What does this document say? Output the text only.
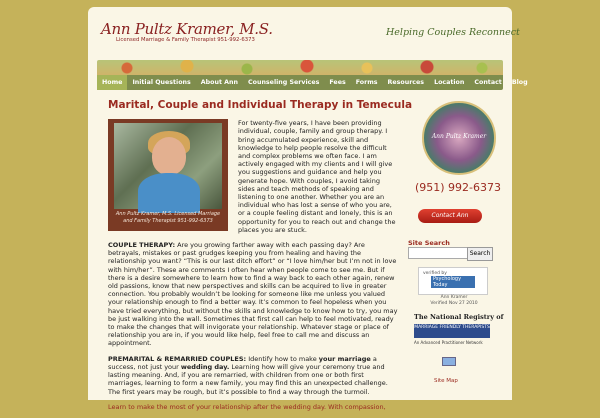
Ann Pultz Kramer, M.S.
Licensed Marriage & Family Therapist 951-992-6373
Helping Couples Reconnect
Home	Initial Questions	About Ann	Counseling Services	Fees	Forms	Resources	Location	Contact	Blog
Marital, Couple and Individual Therapy in Temecula
Ann Pultz Kramer, M.S. Licensed Marriage and Family Therapist 951-992-6373

For twenty-five years, I have been providing individual, couple, family and group therapy. I bring accumulated experience, skill and knowledge to help people resolve the difficult and complex problems we often face. I am actively engaged with my clients and I will give you suggestions and guidance and help you generate hope. With couples, I avoid taking sides and teach methods of speaking and listening to one another. Whether you are an individual who has lost a sense of who you are, or a couple feeling distant and lonely, this is an opportunity for you to reach out and change the places you are stuck.

COUPLE THERAPY: Are you growing farther away with each passing day? Are betrayals, mistakes or past grudges keeping you from healing and having the relationship you want? “This is our last ditch effort” or “I love him/her but I’m not in love with him/her”. These are comments I often hear when people come to see me. But if there is a desire somewhere to learn how to find a way back to each other again, renew old passions, know that new perspectives and skills can be acquired to live in greater connection. You probably wouldn’t be looking for someone like me unless you valued your relationship enough to find a better way. It’s common to feel hopeless when you have tried everything, but without the skills and knowledge to know how to try, you may be just walking into the wall. Sometimes that first call can help to feel motivated, ready to make the changes that will invigorate your relationship. Whatever stage or place of relationship you are in, if you would like help, feel free to call me and discuss an appointment.

PREMARITAL & REMARRIED COUPLES: Identify how to make your marriage a success, not just your wedding day. Learning how will give your ceremony true and lasting meaning. And, if you are remarried, with children from one or both first marriages, learning to form a new family, you may find this an unexpected challenge. The first years may be rough, but it’s possible to find a way through the turmoil.

Learn to make the most of your relationship after the wedding day. With compassion,

Ann Pultz Kramer
(951) 992-6373
Contact Ann
Site Search
Search
verified by
Psychology Today
Ann Kramer
Verified Nov 27 2010
The National Registry of
MARRIAGE FRIENDLY THERAPISTS
An Advanced Practitioner Network
Site Map
